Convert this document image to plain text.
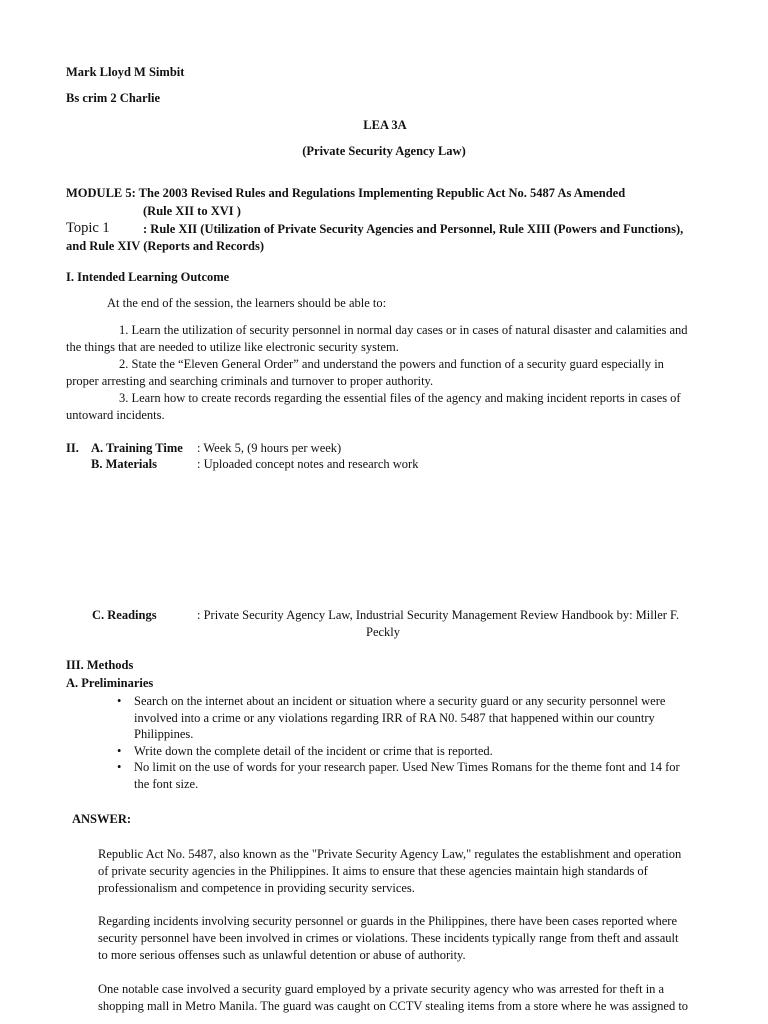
Mark Lloyd M Simbit
Bs crim 2 Charlie
LEA 3A
(Private Security Agency Law)
MODULE 5: The 2003 Revised Rules and Regulations Implementing Republic Act No. 5487 As Amended
(Rule XII to XVI )
Topic 1	: Rule XII (Utilization of Private Security Agencies and Personnel, Rule XIII (Powers and Functions),
and Rule XIV (Reports and Records)
I. Intended Learning Outcome
At the end of the session, the learners should be able to:

1. Learn the utilization of security personnel in normal day cases or in cases of natural disaster and calamities and
the things that are needed to utilize like electronic security system.

2. State the “Eleven General Order” and understand the powers and function of a security guard especially in
proper arresting and searching criminals and turnover to proper authority.

3. Learn how to create records regarding the essential files of the agency and making incident reports in cases of
untoward incidents.

II. A. Training Time : Week 5, (9 hours per week)
B. Materials	: Uploaded concept notes and research work
C. Readings	: Private Security Agency Law, Industrial Security Management Review Handbook by: Miller F.
Peckly
III. Methods
A. Preliminaries
• Search on the internet about an incident or situation where a security guard or any security personnel were
involved into a crime or any violations regarding IRR of RA N0. 5487 that happened within our country
Philippines.
• Write down the complete detail of the incident or crime that is reported.
• No limit on the use of words for your research paper. Used New Times Romans for the theme font and 14 for
the font size.
ANSWER:
Republic Act No. 5487, also known as the "Private Security Agency Law," regulates the establishment and operation
of private security agencies in the Philippines. It aims to ensure that these agencies maintain high standards of
professionalism and competence in providing security services.
Regarding incidents involving security personnel or guards in the Philippines, there have been cases reported where
security personnel have been involved in crimes or violations. These incidents typically range from theft and assault
to more serious offenses such as unlawful detention or abuse of authority.
One notable case involved a security guard employed by a private security agency who was arrested for theft in a
shopping mall in Metro Manila. The guard was caught on CCTV stealing items from a store where he was assigned to
